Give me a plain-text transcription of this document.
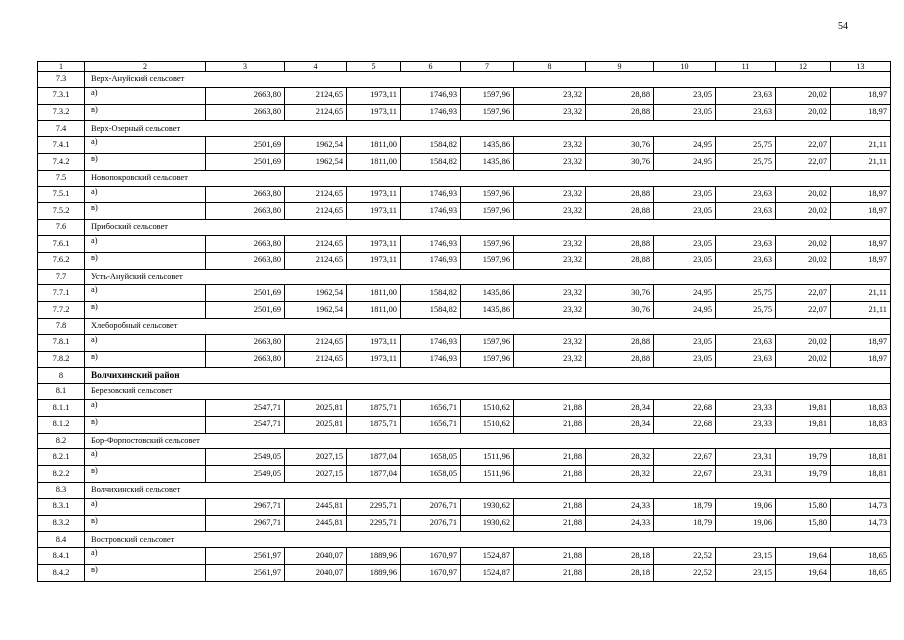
54
1	2	3	4	5	6	7	8	9	10	11	12	13
7.3	Верх-Ануйский сельсовет											
7.3.1	а)	2663,80	2124,65	1973,11	1746,93	1597,96	23,32	28,88	23,05	23,63	20,02	18,97
7.3.2	в)	2663,80	2124,65	1973,11	1746,93	1597,96	23,32	28,88	23,05	23,63	20,02	18,97
7.4	Верх-Озерный сельсовет											
7.4.1	а)	2501,69	1962,54	1811,00	1584,82	1435,86	23,32	30,76	24,95	25,75	22,07	21,11
7.4.2	в)	2501,69	1962,54	1811,00	1584,82	1435,86	23,32	30,76	24,95	25,75	22,07	21,11
7.5	Новопокровский сельсовет											
7.5.1	а)	2663,80	2124,65	1973,11	1746,93	1597,96	23,32	28,88	23,05	23,63	20,02	18,97
7.5.2	в)	2663,80	2124,65	1973,11	1746,93	1597,96	23,32	28,88	23,05	23,63	20,02	18,97
7.6	Прибоский сельсовет											
7.6.1	а)	2663,80	2124,65	1973,11	1746,93	1597,96	23,32	28,88	23,05	23,63	20,02	18,97
7.6.2	в)	2663,80	2124,65	1973,11	1746,93	1597,96	23,32	28,88	23,05	23,63	20,02	18,97
7.7	Усть-Ануйский сельсовет											
7.7.1	а)	2501,69	1962,54	1811,00	1584,82	1435,86	23,32	30,76	24,95	25,75	22,07	21,11
7.7.2	в)	2501,69	1962,54	1811,00	1584,82	1435,86	23,32	30,76	24,95	25,75	22,07	21,11
7.8	Хлеборобный сельсовет											
7.8.1	а)	2663,80	2124,65	1973,11	1746,93	1597,96	23,32	28,88	23,05	23,63	20,02	18,97
7.8.2	в)	2663,80	2124,65	1973,11	1746,93	1597,96	23,32	28,88	23,05	23,63	20,02	18,97
8	Волчихинский район											
8.1	Березовский сельсовет											
8.1.1	а)	2547,71	2025,81	1875,71	1656,71	1510,62	21,88	28,34	22,68	23,33	19,81	18,83
8.1.2	в)	2547,71	2025,81	1875,71	1656,71	1510,62	21,88	28,34	22,68	23,33	19,81	18,83
8.2	Бор-Форпостовский сельсовет											
8.2.1	а)	2549,05	2027,15	1877,04	1658,05	1511,96	21,88	28,32	22,67	23,31	19,79	18,81
8.2.2	в)	2549,05	2027,15	1877,04	1658,05	1511,96	21,88	28,32	22,67	23,31	19,79	18,81
8.3	Волчихинский сельсовет											
8.3.1	а)	2967,71	2445,81	2295,71	2076,71	1930,62	21,88	24,33	18,79	19,06	15,80	14,73
8.3.2	в)	2967,71	2445,81	2295,71	2076,71	1930,62	21,88	24,33	18,79	19,06	15,80	14,73
8.4	Востровский сельсовет											
8.4.1	а)	2561,97	2040,07	1889,96	1670,97	1524,87	21,88	28,18	22,52	23,15	19,64	18,65
8.4.2	в)	2561,97	2040,07	1889,96	1670,97	1524,87	21,88	28,18	22,52	23,15	19,64	18,65
